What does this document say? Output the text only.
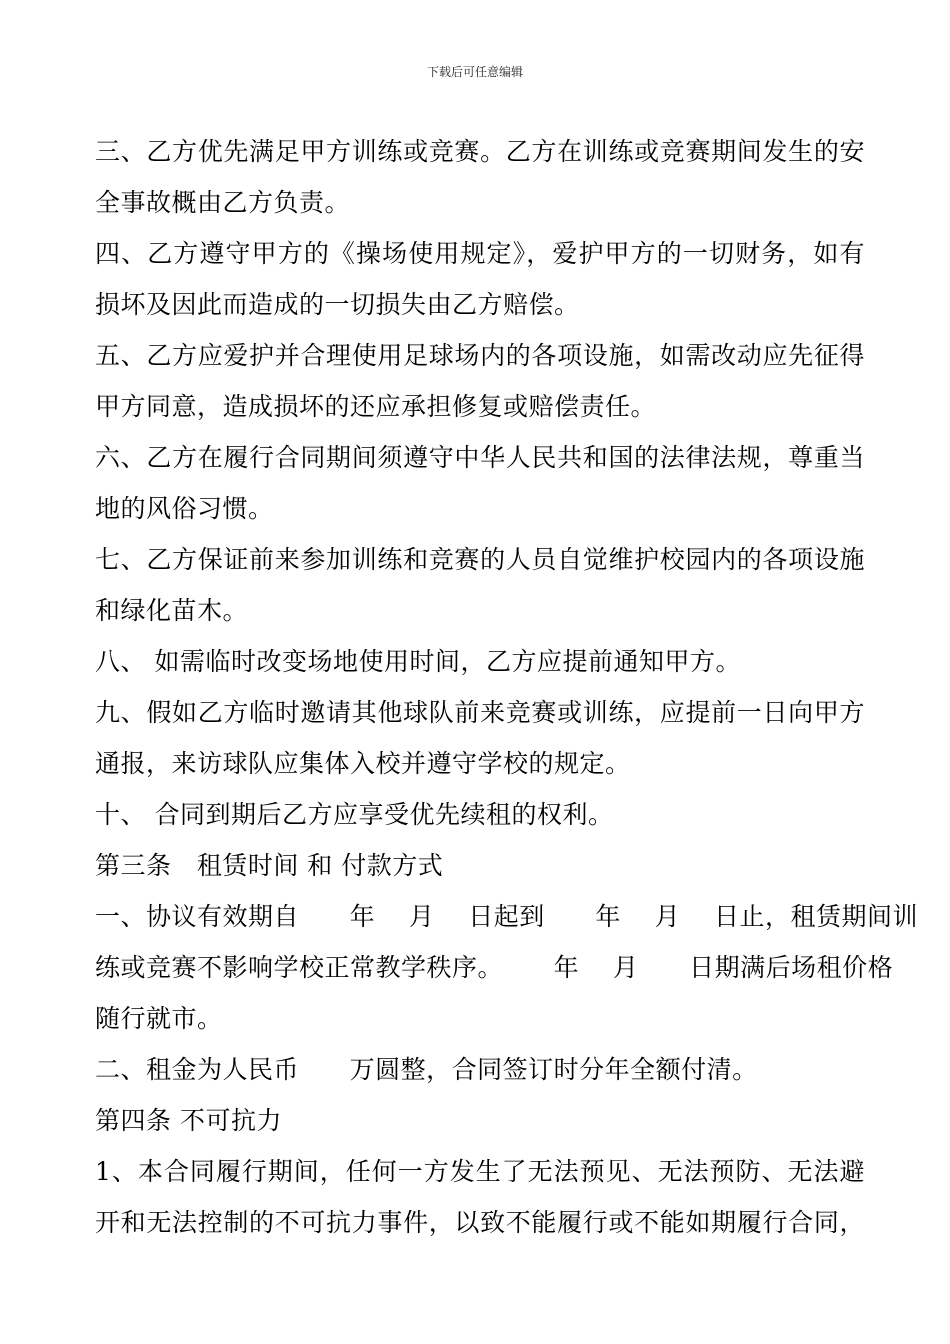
下载后可任意编辑
三、乙方优先满足甲方训练或竞赛。乙方在训练或竞赛期间发生的安
全事故概由乙方负责。
四、乙方遵守甲方的《操场使用规定》，爱护甲方的一切财务，如有
损坏及因此而造成的一切损失由乙方赔偿。
五、乙方应爱护并合理使用足球场内的各项设施，如需改动应先征得
甲方同意，造成损坏的还应承担修复或赔偿责任。
六、乙方在履行合同期间须遵守中华人民共和国的法律法规，尊重当
地的风俗习惯。
七、乙方保证前来参加训练和竞赛的人员自觉维护校园内的各项设施
和绿化苗木。
八、 如需临时改变场地使用时间，乙方应提前通知甲方。
九、假如乙方临时邀请其他球队前来竞赛或训练，应提前一日向甲方
通报，来访球队应集体入校并遵守学校的规定。
十、 合同到期后乙方应享受优先续租的权利。
第三条   租赁时间 和 付款方式
一、协议有效期自      年    月    日起到      年    月    日止，租赁期间训
练或竞赛不影响学校正常教学秩序。      年    月      日期满后场租价格
随行就市。
二、租金为人民币      万圆整，合同签订时分年全额付清。
第四条 不可抗力
1、本合同履行期间，任何一方发生了无法预见、无法预防、无法避
开和无法控制的不可抗力事件，以致不能履行或不能如期履行合同，
